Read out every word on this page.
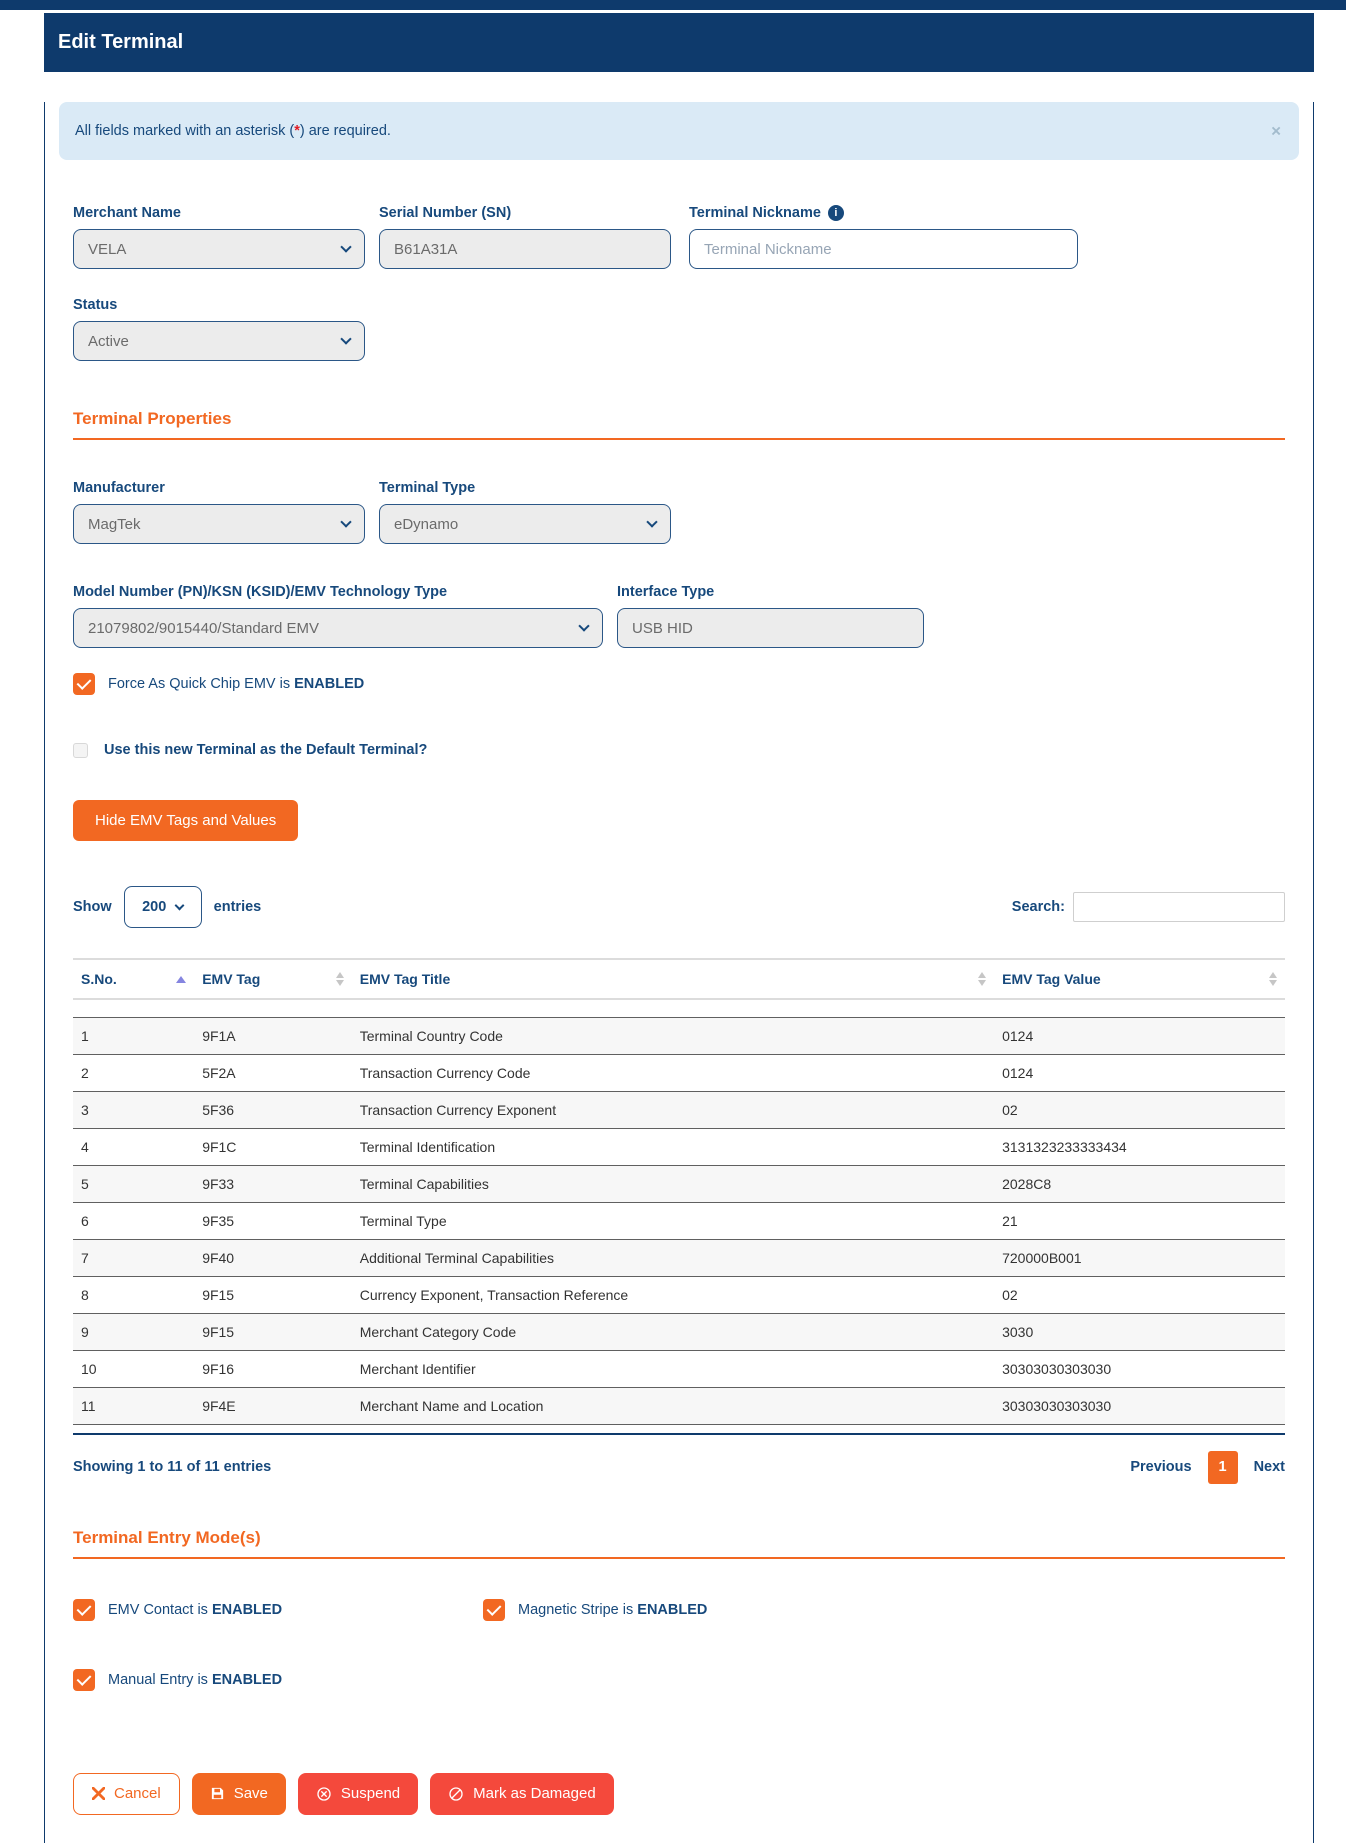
Edit Terminal
All fields marked with an asterisk (*) are required.	×
Merchant Name
VELA
Serial Number (SN)
B61A31A	Terminal Nickname	i
Terminal Nickname
Status
Active
Terminal Properties
Manufacturer
MagTek
Terminal Type
eDynamo
Model Number (PN)/KSN (KSID)/EMV Technology Type
21079802/9015440/Standard EMV
Interface Type
USB HID
Force As Quick Chip EMV is ENABLED
Use this new Terminal as the Default Terminal?
Hide EMV Tags and Values
Show 200	entries	Search:
S.No.	EMV Tag	EMV Tag Title	EMV Tag Value

1	9F1A	Terminal Country Code	0124
2	5F2A	Transaction Currency Code	0124
3	5F36	Transaction Currency Exponent	02
4	9F1C	Terminal Identification	3131323233333434
5	9F33	Terminal Capabilities	2028C8
6	9F35	Terminal Type	21
7	9F40	Additional Terminal Capabilities	720000B001
8	9F15	Currency Exponent, Transaction Reference	02
9	9F15	Merchant Category Code	3030
10	9F16	Merchant Identifier	30303030303030
11	9F4E	Merchant Name and Location	30303030303030
Showing 1 to 11 of 11 entries	Previous	1	Next
Terminal Entry Mode(s)
EMV Contact is ENABLED	Magnetic Stripe is ENABLED
Manual Entry is ENABLED
Cancel	Save	Suspend	Mark as Damaged
